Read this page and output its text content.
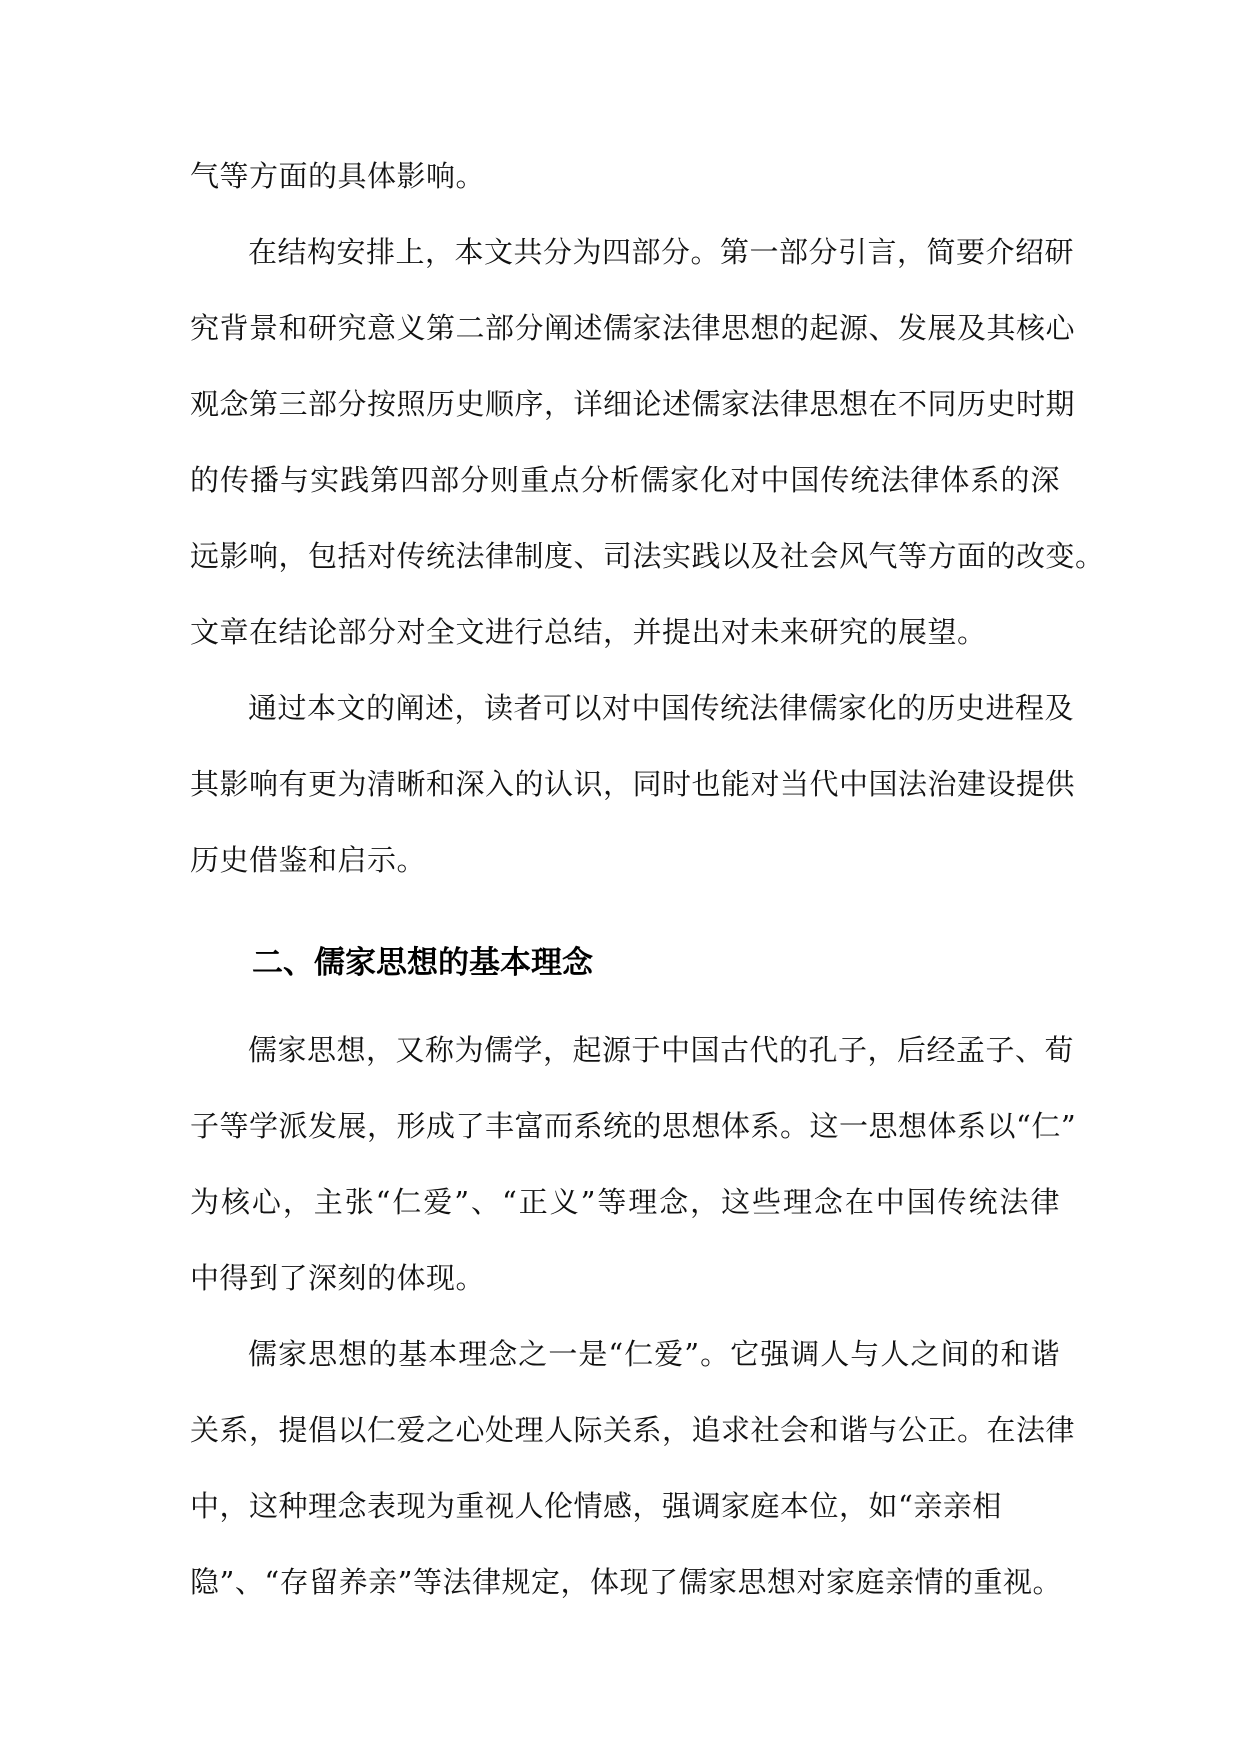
气等方面的具体影响。
在结构安排上，本文共分为四部分。第一部分引言，简要介绍研
究背景和研究意义第二部分阐述儒家法律思想的起源、发展及其核心
观念第三部分按照历史顺序，详细论述儒家法律思想在不同历史时期
的传播与实践第四部分则重点分析儒家化对中国传统法律体系的深
远影响，包括对传统法律制度、司法实践以及社会风气等方面的改变。
文章在结论部分对全文进行总结，并提出对未来研究的展望。
通过本文的阐述，读者可以对中国传统法律儒家化的历史进程及
其影响有更为清晰和深入的认识，同时也能对当代中国法治建设提供
历史借鉴和启示。
二、儒家思想的基本理念
儒家思想，又称为儒学，起源于中国古代的孔子，后经孟子、荀
子等学派发展，形成了丰富而系统的思想体系。这一思想体系以“仁”
为核心，主张“仁爱”、“正义”等理念，这些理念在中国传统法律
中得到了深刻的体现。
儒家思想的基本理念之一是“仁爱”。它强调人与人之间的和谐
关系，提倡以仁爱之心处理人际关系，追求社会和谐与公正。在法律
中，这种理念表现为重视人伦情感，强调家庭本位，如“亲亲相
隐”、“存留养亲”等法律规定，体现了儒家思想对家庭亲情的重视。
